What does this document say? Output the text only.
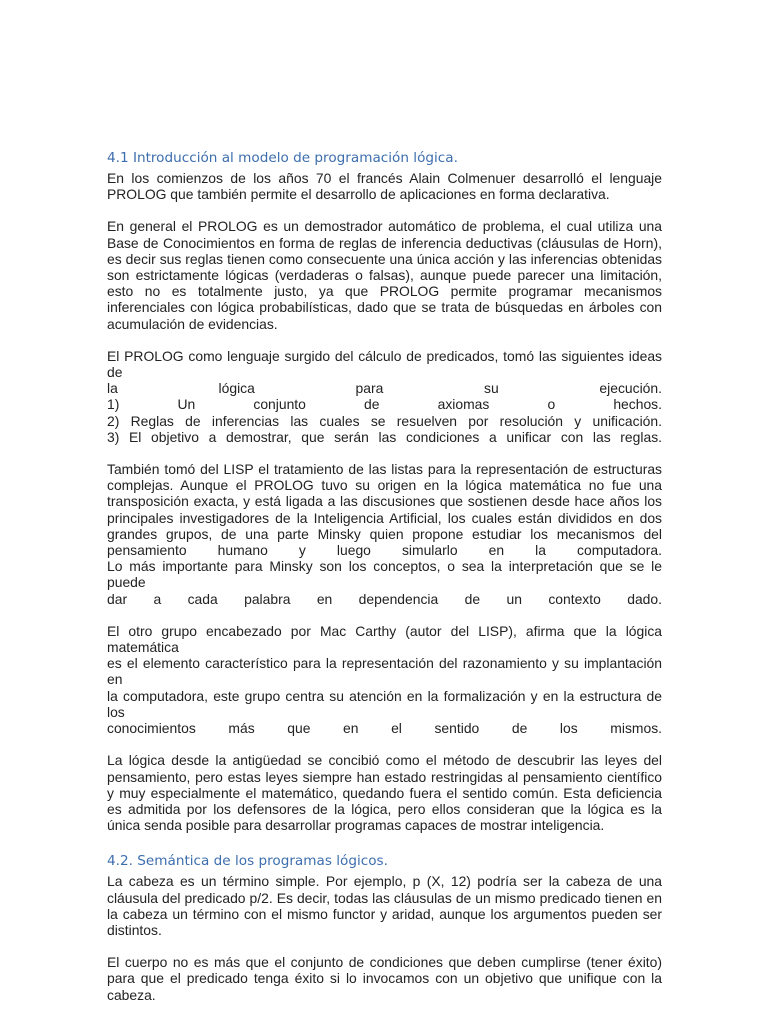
4.1 Introducción al modelo de programación lógica.

En los comienzos de los años 70 el francés Alain Colmenuer desarrolló el lenguaje PROLOG que también permite el desarrollo de aplicaciones en forma declarativa.

En general el PROLOG es un demostrador automático de problema, el cual utiliza una Base de Conocimientos en forma de reglas de inferencia deductivas (cláusulas de Horn), es decir sus reglas tienen como consecuente una única acción y las inferencias obtenidas son estrictamente lógicas (verdaderas o falsas), aunque puede parecer una limitación, esto no es totalmente justo, ya que PROLOG permite programar mecanismos inferenciales con lógica probabilísticas, dado que se trata de búsquedas en árboles con acumulación de evidencias.

El PROLOG como lenguaje surgido del cálculo de predicados, tomó las siguientes ideas de
la lógica para su ejecución.
1) Un conjunto de axiomas o hechos.
2) Reglas de inferencias las cuales se resuelven por resolución y unificación.
3) El objetivo a demostrar, que serán las condiciones a unificar con las reglas.

También tomó del LISP el tratamiento de las listas para la representación de estructuras
complejas. Aunque el PROLOG tuvo su origen en la lógica matemática no fue una
transposición exacta, y está ligada a las discusiones que sostienen desde hace años los
principales investigadores de la Inteligencia Artificial, los cuales están divididos en dos
grandes grupos, de una parte Minsky quien propone estudiar los mecanismos del
pensamiento humano y luego simularlo en la computadora.
Lo más importante para Minsky son los conceptos, o sea la interpretación que se le puede
dar a cada palabra en dependencia de un contexto dado.

El otro grupo encabezado por Mac Carthy (autor del LISP), afirma que la lógica matemática
es el elemento característico para la representación del razonamiento y su implantación en
la computadora, este grupo centra su atención en la formalización y en la estructura de los
conocimientos más que en el sentido de los mismos.

La lógica desde la antigüedad se concibió como el método de descubrir las leyes del pensamiento, pero estas leyes siempre han estado restringidas al pensamiento científico y muy especialmente el matemático, quedando fuera el sentido común. Esta deficiencia es admitida por los defensores de la lógica, pero ellos consideran que la lógica es la única senda posible para desarrollar programas capaces de mostrar inteligencia.

4.2. Semántica de los programas lógicos.

La cabeza es un término simple. Por ejemplo, p (X, 12) podría ser la cabeza de una cláusula del predicado p/2. Es decir, todas las cláusulas de un mismo predicado tienen en la cabeza un término con el mismo functor y aridad, aunque los argumentos pueden ser distintos.

El cuerpo no es más que el conjunto de condiciones que deben cumplirse (tener éxito) para que el predicado tenga éxito si lo invocamos con un objetivo que unifique con la cabeza.
